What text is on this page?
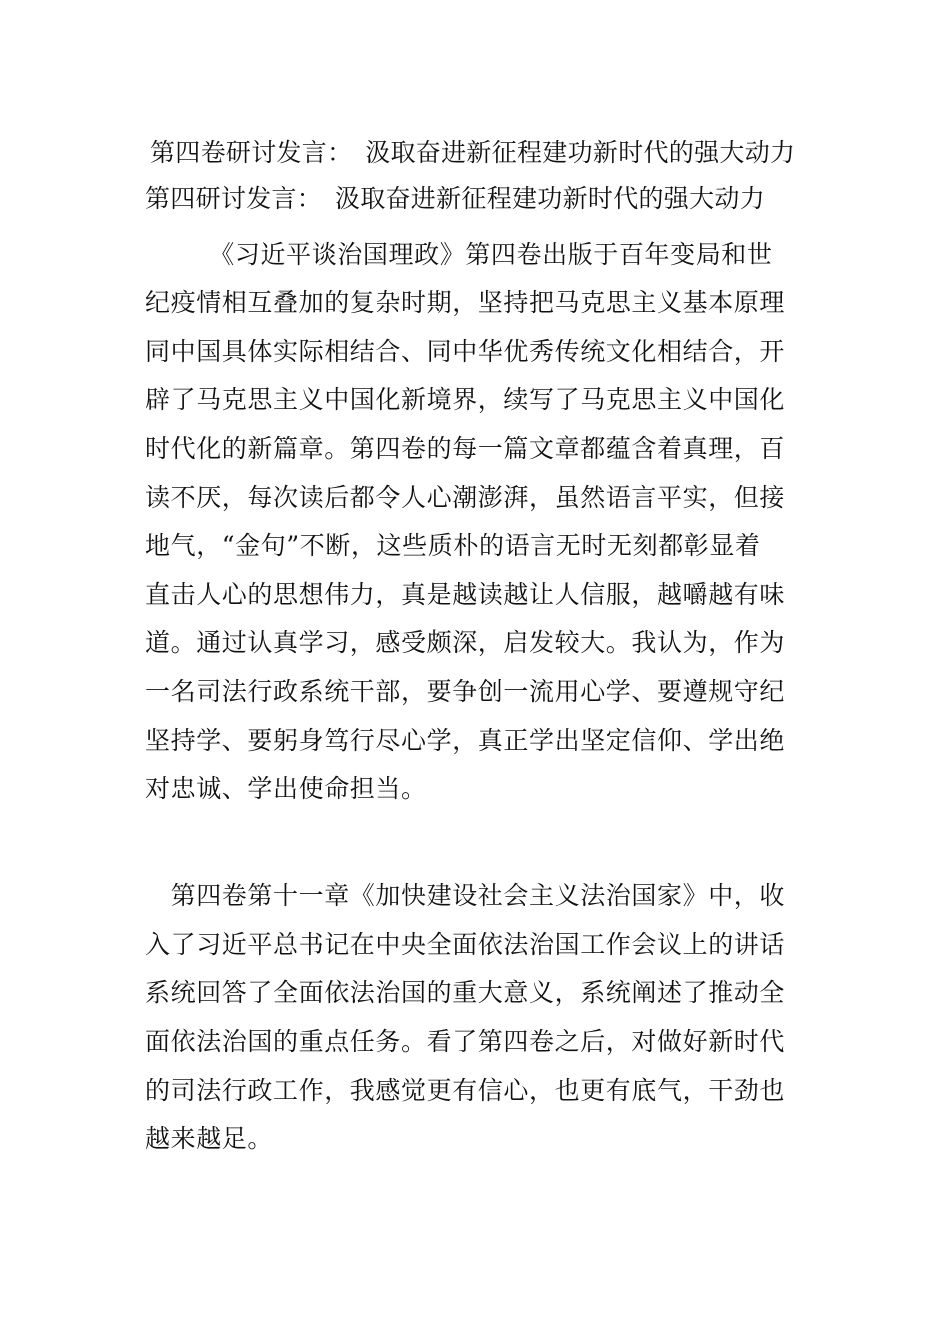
第四卷研讨发言：　汲取奋进新征程建功新时代的强大动力
第四研讨发言：　汲取奋进新征程建功新时代的强大动力
　　　《习近平谈治国理政》第四卷出版于百年变局和世
纪疫情相互叠加的复杂时期，坚持把马克思主义基本原理
同中国具体实际相结合、同中华优秀传统文化相结合，开
辟了马克思主义中国化新境界，续写了马克思主义中国化
时代化的新篇章。第四卷的每一篇文章都蕴含着真理，百
读不厌，每次读后都令人心潮澎湃，虽然语言平实，但接
地气，“金句”不断，这些质朴的语言无时无刻都彰显着
直击人心的思想伟力，真是越读越让人信服，越嚼越有味
道。通过认真学习，感受颇深，启发较大。我认为，作为
一名司法行政系统干部，要争创一流用心学、要遵规守纪
坚持学、要躬身笃行尽心学，真正学出坚定信仰、学出绝
对忠诚、学出使命担当。
　第四卷第十一章《加快建设社会主义法治国家》中，收
入了习近平总书记在中央全面依法治国工作会议上的讲话
系统回答了全面依法治国的重大意义，系统阐述了推动全
面依法治国的重点任务。看了第四卷之后，对做好新时代
的司法行政工作，我感觉更有信心，也更有底气，干劲也
越来越足。
